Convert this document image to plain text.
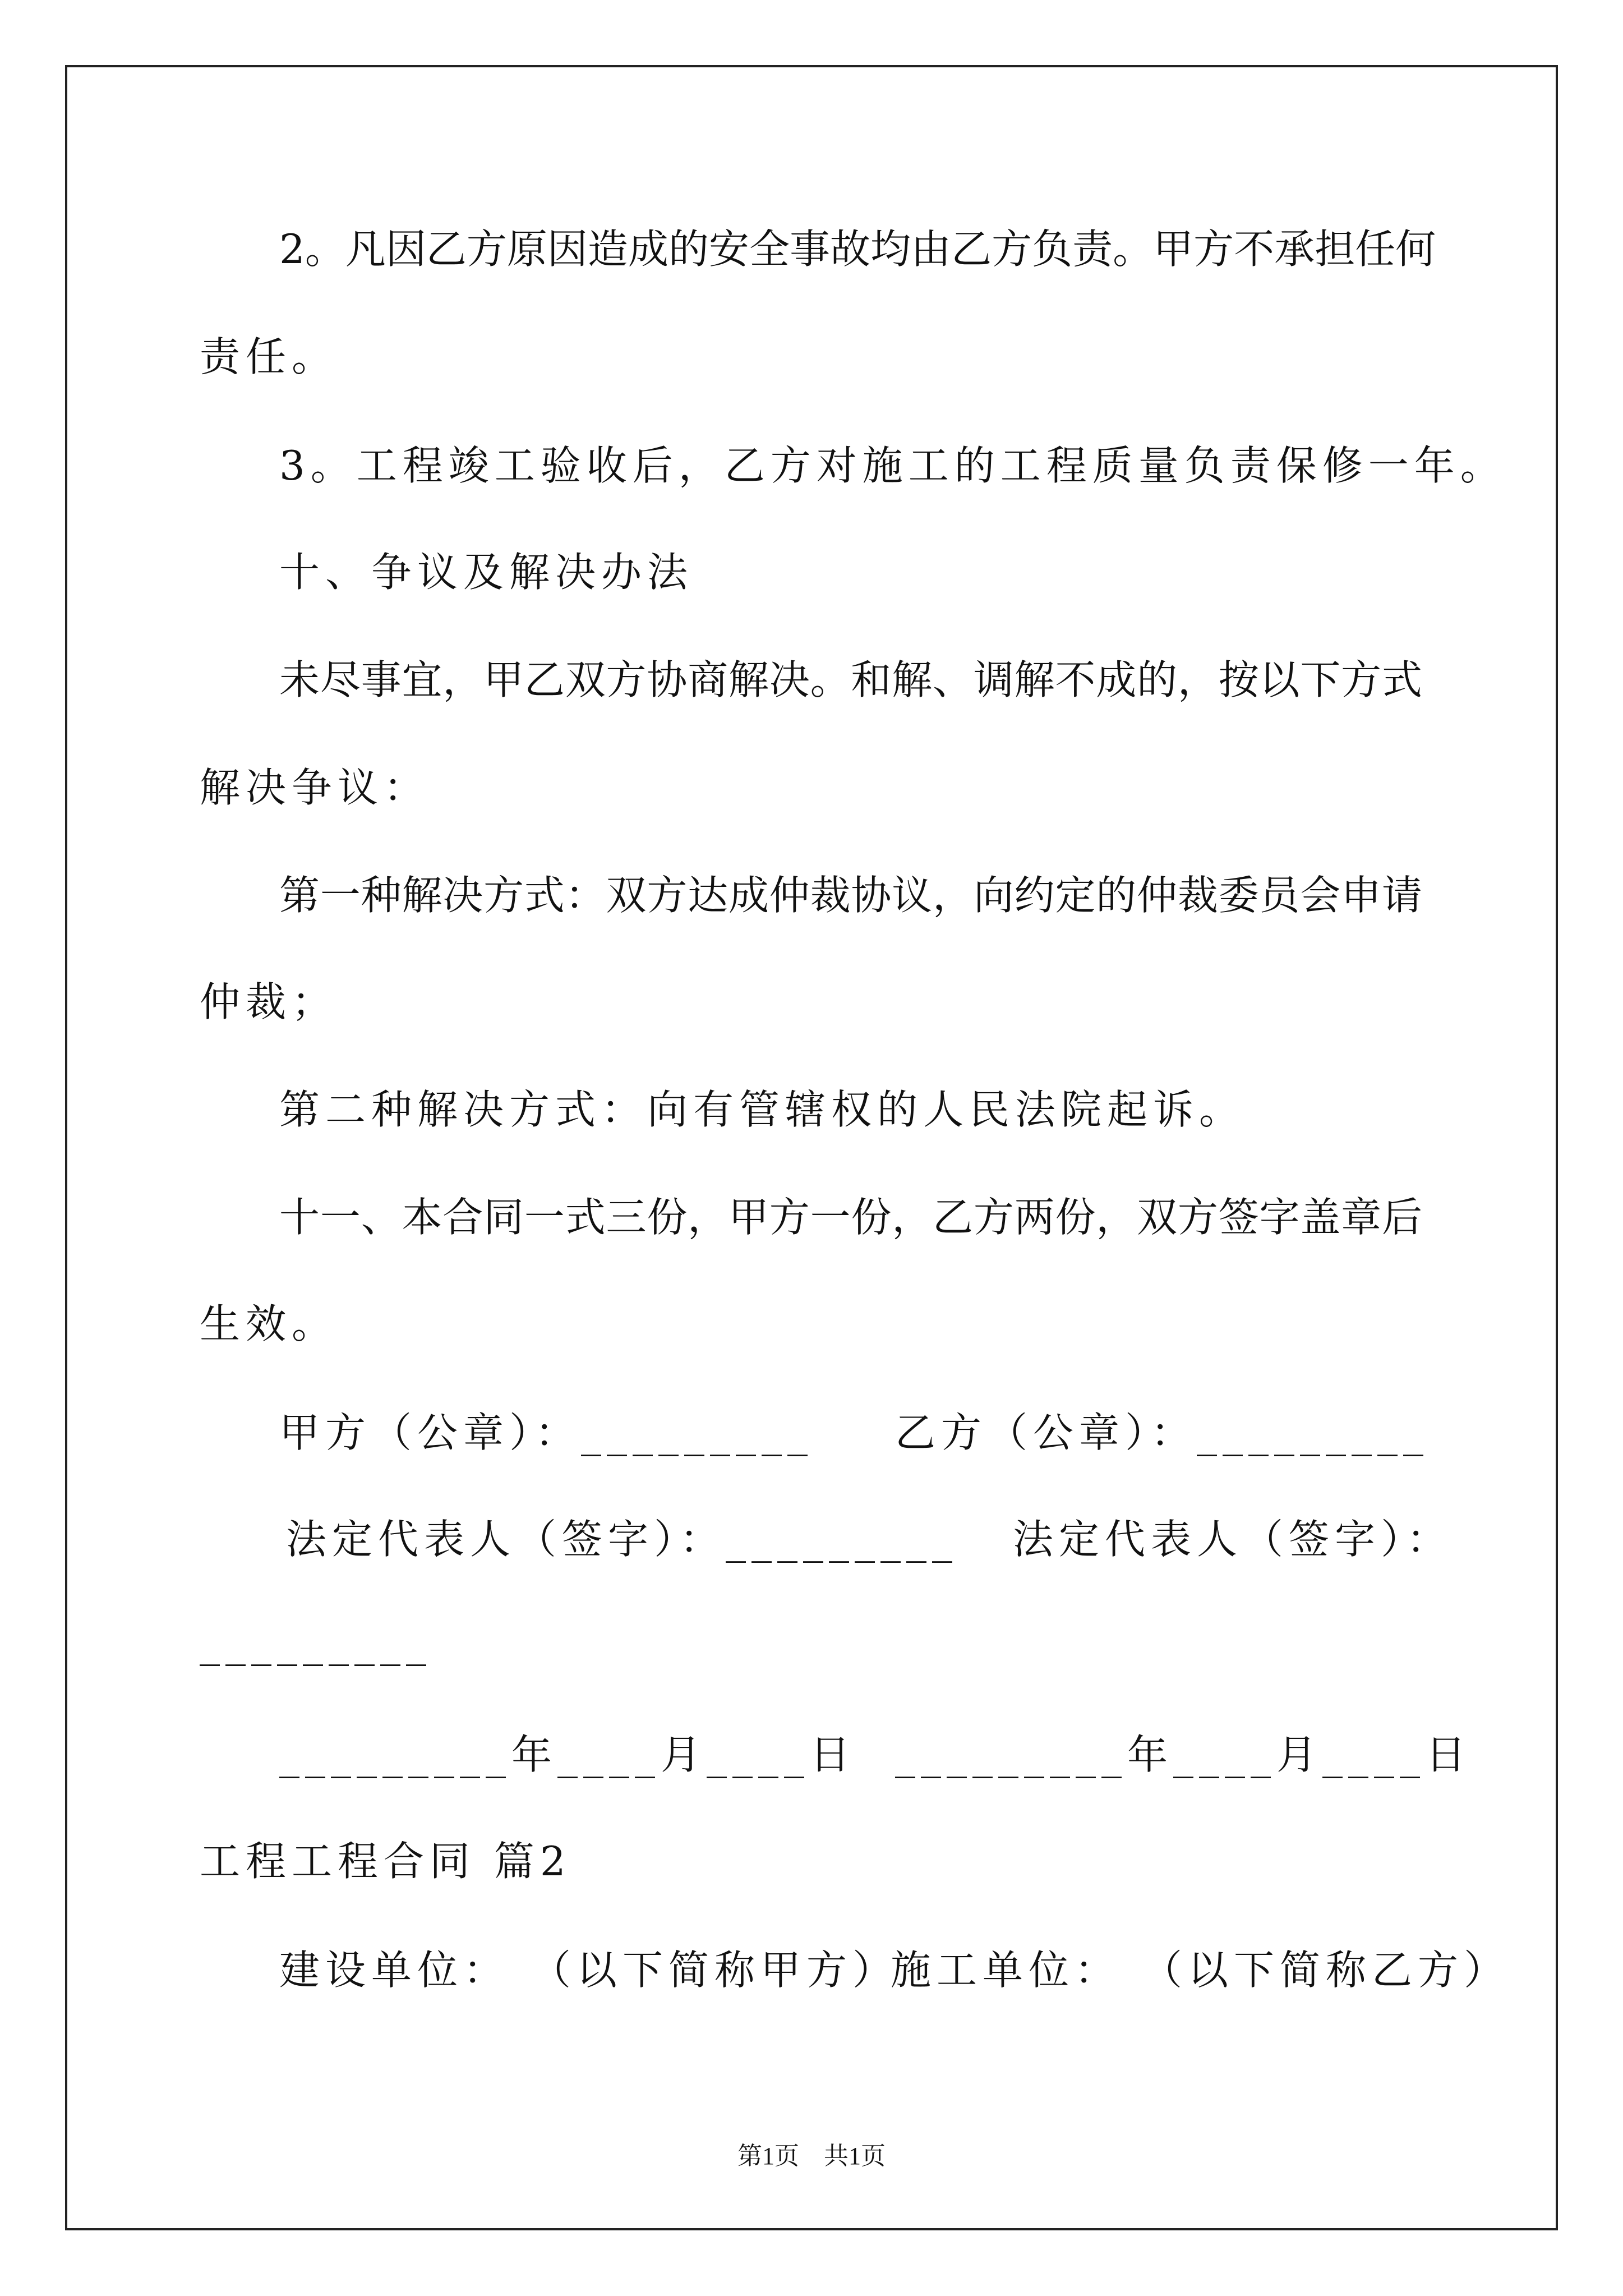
2 。 凡 因 乙 方 原 因 造 成 的 安 全 事 故 均 由 乙 方 负 责 。 甲 方 不 承 担 任 何
责任。
3。工程竣工验收后，乙方对施工的工程质量负责保修一年。
十、争议及解决办法
未 尽 事 宜 ， 甲 乙 双 方 协 商 解 决 。 和 解 、 调 解 不 成 的 ， 按 以 下 方 式
解决争议：
第 一 种 解 决 方 式 ： 双 方 达 成 仲 裁 协 议 ， 向 约 定 的 仲 裁 委 员 会 申 请
仲裁；
第二种解决方式：向有管辖权的人民法院起诉。
十 一 、 本 合 同 一 式 三 份 ， 甲 方 一 份 ， 乙 方 两 份 ， 双 方 签 字 盖 章 后
生效。
甲方（公章）：_________ 乙方（公章）：_________
法定代表人（签字）：_________ 法定代表人（签字）：
_________
_________年____月____日 _________年____月____日
工程工程合同 篇2
建设单位： （以下简称甲方）
施工单位： （以下简称乙方）
第1页　共1页
